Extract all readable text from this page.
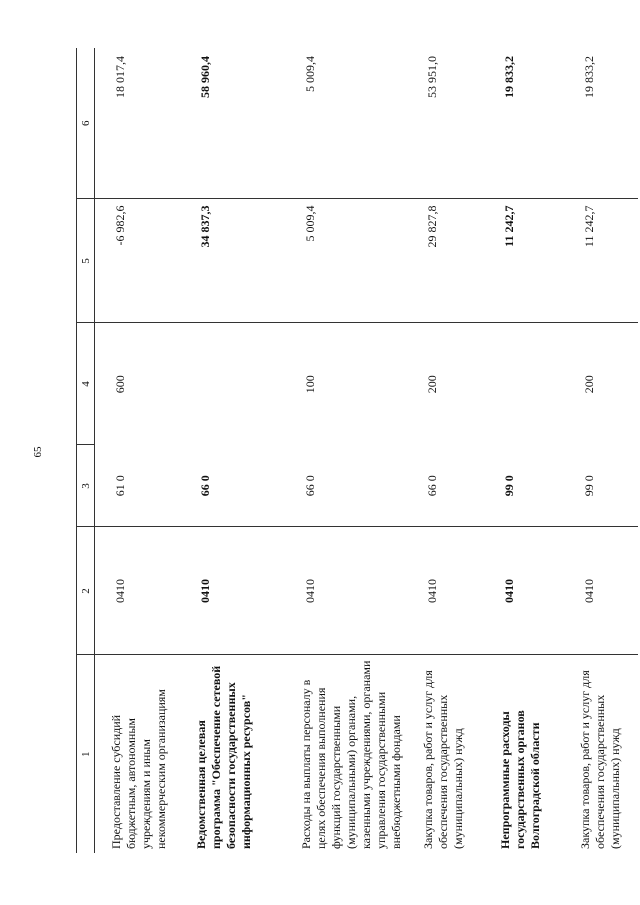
65
1	2	3	4	5	6
Предоставление субсидий бюджетным, автономным учреждениям и иным некоммерческим организациям	0410	61 0	600	-6 982,6	18 017,4
Ведомственная целевая программа "Обеспечение сетевой безопасности государственных информационных ресурсов"	0410	66 0		34 837,3	58 960,4
Расходы на выплаты персоналу в целях обеспечения выполнения функций государственными (муниципальными) органами, казенными учреждениями, органами управления государственными внебюджетными фондами	0410	66 0	100	5 009,4	5 009,4
Закупка товаров, работ и услуг для обеспечения государственных (муниципальных) нужд	0410	66 0	200	29 827,8	53 951,0
Непрограммные расходы государственных органов Волгоградской области	0410	99 0		11 242,7	19 833,2
Закупка товаров, работ и услуг для обеспечения государственных (муниципальных) нужд	0410	99 0	200	11 242,7	19 833,2
